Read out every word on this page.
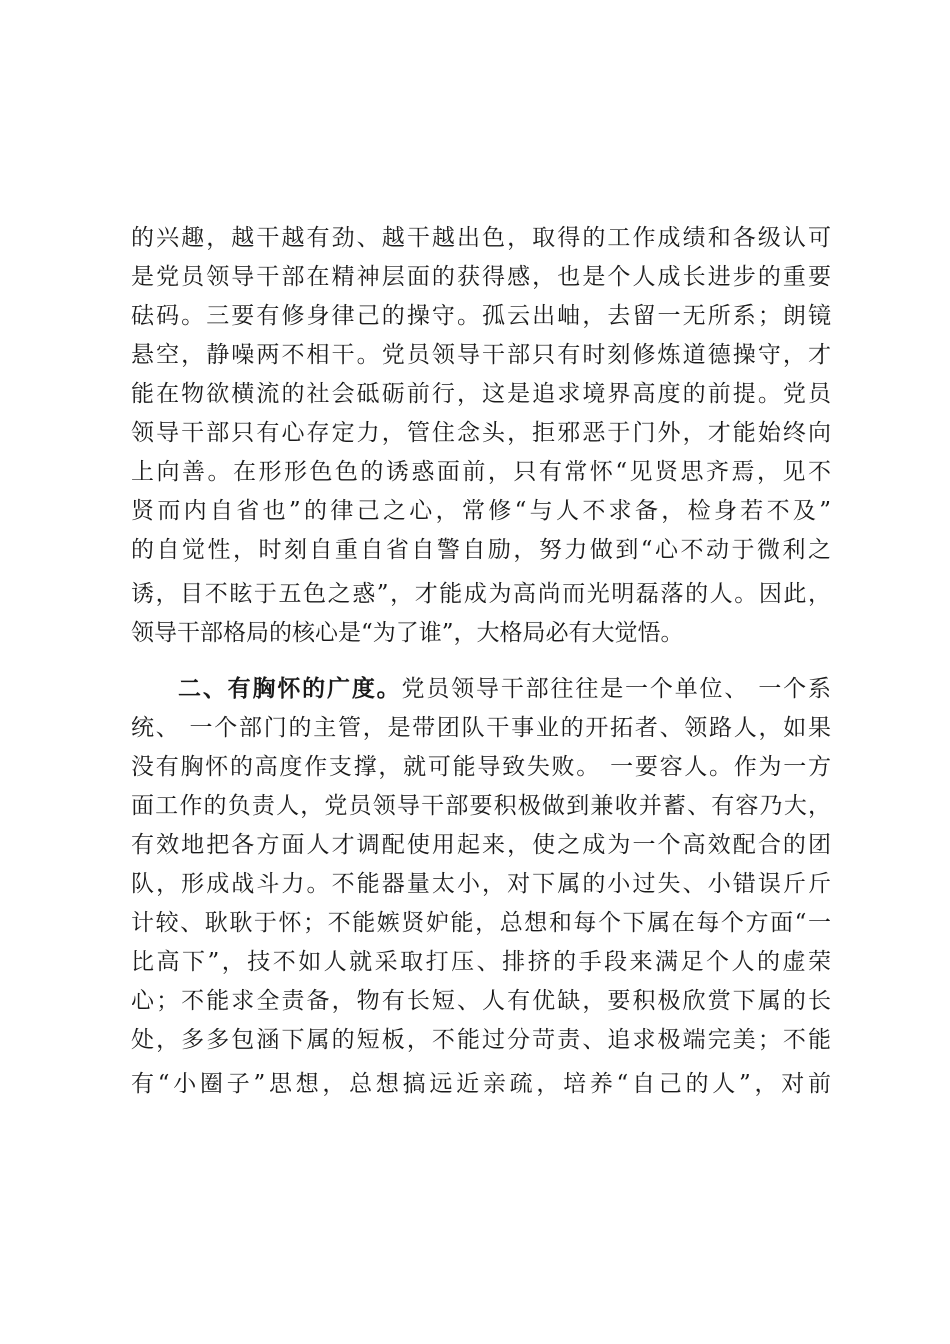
的兴趣，越干越有劲、越干越出色，取得的工作成绩和各级认可
是党员领导干部在精神层面的获得感，也是个人成长进步的重要
砝码。三要有修身律己的操守。孤云出岫，去留一无所系；朗镜
悬空，静噪两不相干。党员领导干部只有时刻修炼道德操守，才
能在物欲横流的社会砥砺前行，这是追求境界高度的前提。党员
领导干部只有心存定力，管住念头，拒邪恶于门外，才能始终向
上向善。在形形色色的诱惑面前，只有常怀“见贤思齐焉，见不
贤而内自省也”的律己之心，常修“与人不求备，检身若不及”
的自觉性，时刻自重自省自警自励，努力做到“心不动于微利之
诱，目不眩于五色之惑”，才能成为高尚而光明磊落的人。因此，
领导干部格局的核心是“为了谁”，大格局必有大觉悟。
二、有胸怀的广度。党员领导干部往往是一个单位、 一个系
统、 一个部门的主管，是带团队干事业的开拓者、领路人，如果
没有胸怀的高度作支撑，就可能导致失败。 一要容人。作为一方
面工作的负责人，党员领导干部要积极做到兼收并蓄、有容乃大，
有效地把各方面人才调配使用起来，使之成为一个高效配合的团
队，形成战斗力。不能器量太小，对下属的小过失、小错误斤斤
计较、耿耿于怀；不能嫉贤妒能，总想和每个下属在每个方面“一
比高下”，技不如人就采取打压、排挤的手段来满足个人的虚荣
心；不能求全责备，物有长短、人有优缺，要积极欣赏下属的长
处，多多包涵下属的短板，不能过分苛责、追求极端完美；不能
有“小圈子”思想，总想搞远近亲疏，培养“自己的人”，对前
